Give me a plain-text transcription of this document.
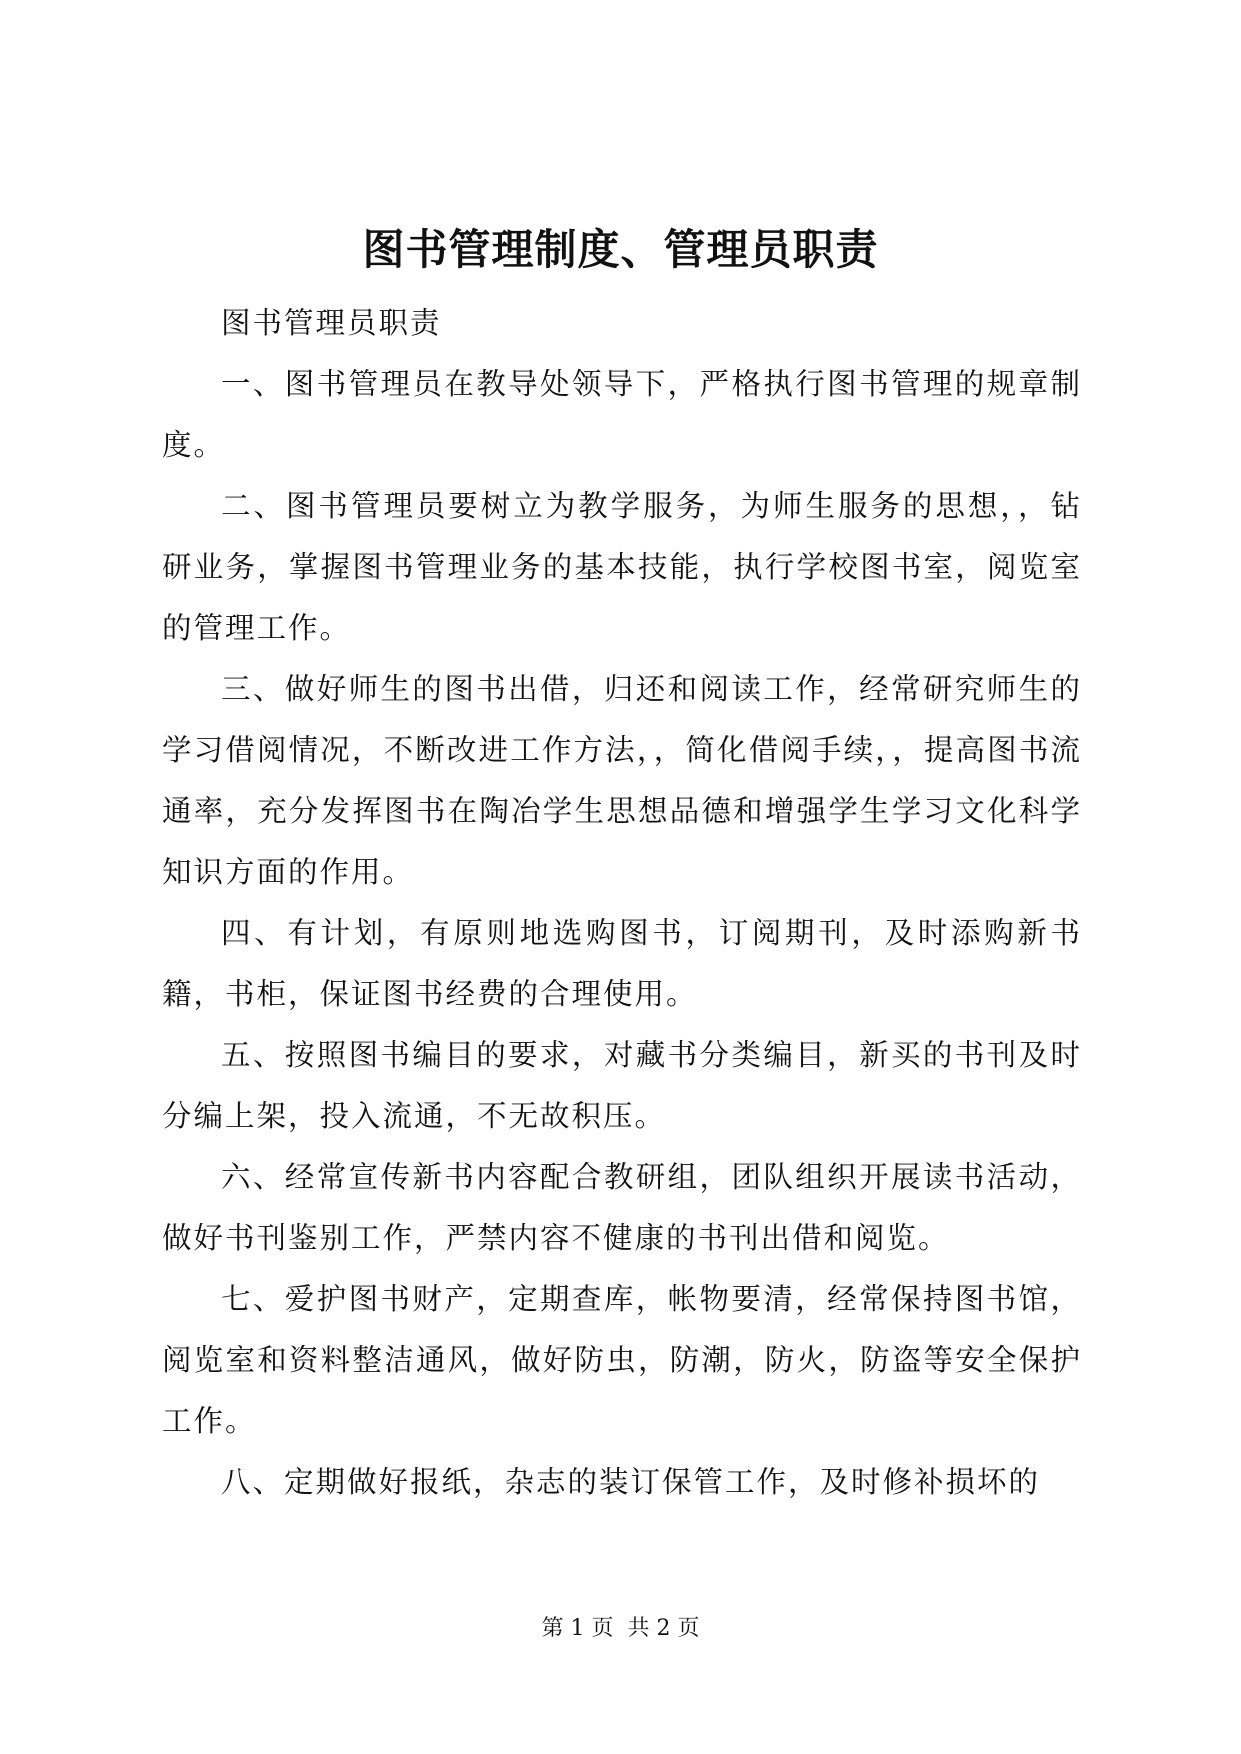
图书管理制度、管理员职责

图书管理员职责

一、图书管理员在教导处领导下，严格执行图书管理的规章制度。

二、图书管理员要树立为教学服务，为师生服务的思想，，钻研业务，掌握图书管理业务的基本技能，执行学校图书室，阅览室的管理工作。

三、做好师生的图书出借，归还和阅读工作，经常研究师生的学习借阅情况，不断改进工作方法，，简化借阅手续，，提高图书流通率，充分发挥图书在陶冶学生思想品德和增强学生学习文化科学知识方面的作用。

四、有计划，有原则地选购图书，订阅期刊，及时添购新书籍，书柜，保证图书经费的合理使用。

五、按照图书编目的要求，对藏书分类编目，新买的书刊及时分编上架，投入流通，不无故积压。

六、经常宣传新书内容配合教研组，团队组织开展读书活动，做好书刊鉴别工作，严禁内容不健康的书刊出借和阅览。

七、爱护图书财产，定期查库，帐物要清，经常保持图书馆，阅览室和资料整洁通风，做好防虫，防潮，防火，防盗等安全保护工作。

八、定期做好报纸，杂志的装订保管工作，及时修补损坏的

第 1 页  共 2 页
